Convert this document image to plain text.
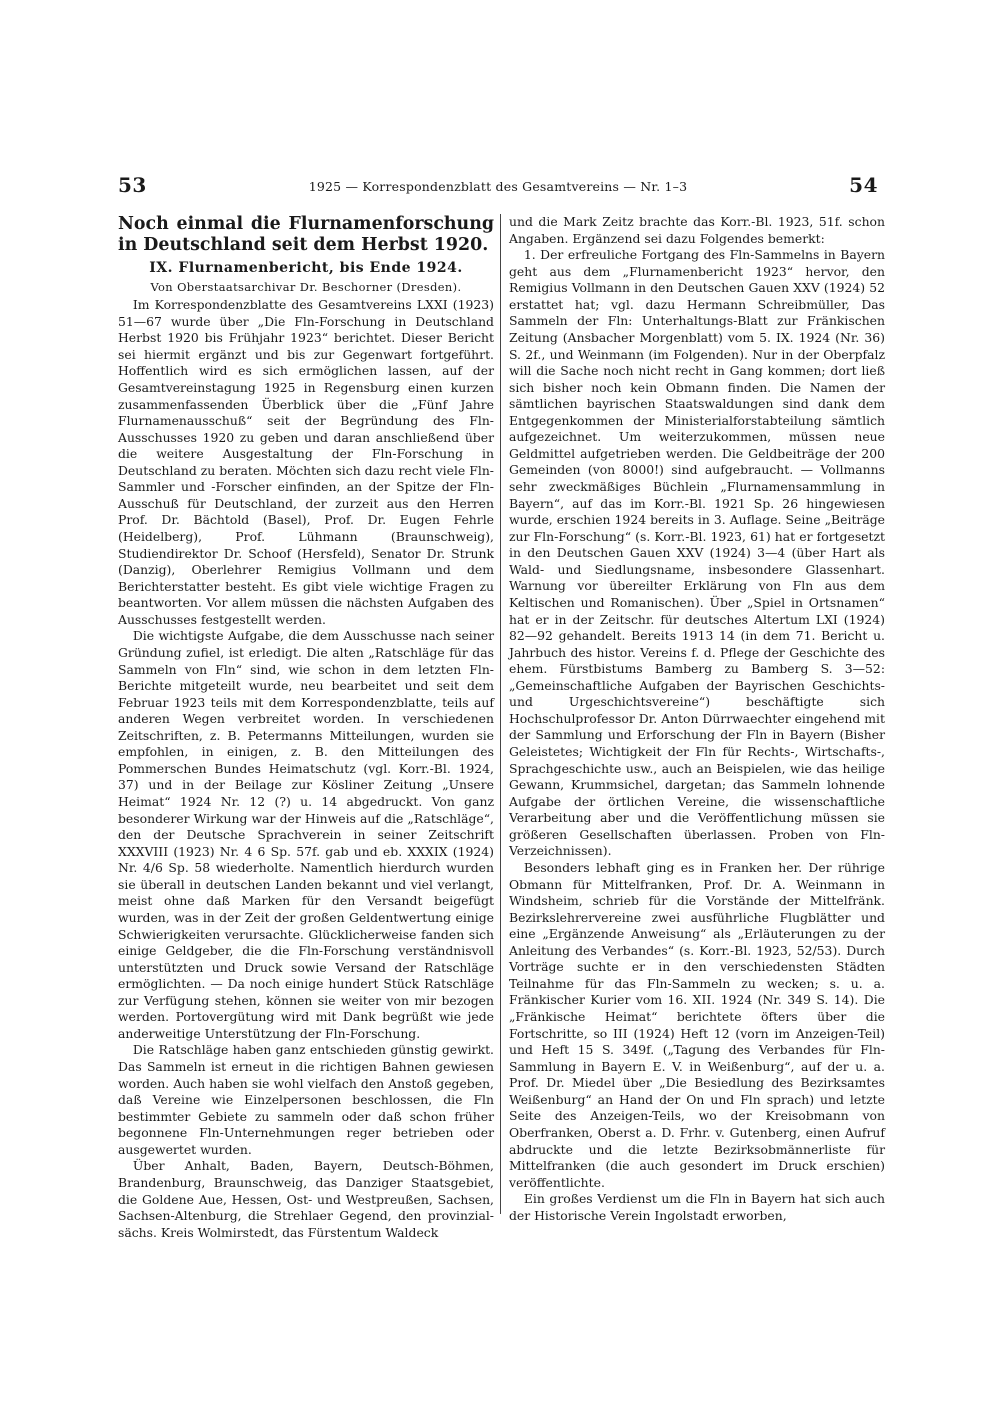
53	1925 — Korrespondenzblatt des Gesamtvereins — Nr. 1–3	54
Noch einmal die Flurnamenforschung in Deutschland seit dem Herbst 1920.
IX. Flurnamenbericht, bis Ende 1924.
Von Oberstaatsarchivar Dr. Beschorner (Dresden).

Im Korrespondenzblatte des Gesamtvereins LXXI (1923) 51—67 wurde über „Die Fln-Forschung in Deutschland Herbst 1920 bis Frühjahr 1923“ berichtet. Dieser Bericht sei hiermit ergänzt und bis zur Gegenwart fortgeführt. Hoffentlich wird es sich ermöglichen lassen, auf der Gesamtvereinstagung 1925 in Regensburg einen kurzen zusammenfassenden Überblick über die „Fünf Jahre Flurnamenausschuß“ seit der Begründung des Fln-Ausschusses 1920 zu geben und daran anschließend über die weitere Ausgestaltung der Fln-Forschung in Deutschland zu beraten. Möchten sich dazu recht viele Fln-Sammler und -Forscher einfinden, an der Spitze der Fln-Ausschuß für Deutschland, der zurzeit aus den Herren Prof. Dr. Bächtold (Basel), Prof. Dr. Eugen Fehrle (Heidelberg), Prof. Lühmann (Braunschweig), Studiendirektor Dr. Schoof (Hersfeld), Senator Dr. Strunk (Danzig), Oberlehrer Remigius Vollmann und dem Berichterstatter besteht. Es gibt viele wichtige Fragen zu beantworten. Vor allem müssen die nächsten Aufgaben des Ausschusses festgestellt werden.

Die wichtigste Aufgabe, die dem Ausschusse nach seiner Gründung zufiel, ist erledigt. Die alten „Ratschläge für das Sammeln von Fln“ sind, wie schon in dem letzten Fln-Berichte mitgeteilt wurde, neu bearbeitet und seit dem Februar 1923 teils mit dem Korrespondenzblatte, teils auf anderen Wegen verbreitet worden. In verschiedenen Zeitschriften, z. B. Petermanns Mitteilungen, wurden sie empfohlen, in einigen, z. B. den Mitteilungen des Pommerschen Bundes Heimatschutz (vgl. Korr.-Bl. 1924, 37) und in der Beilage zur Kösliner Zeitung „Unsere Heimat“ 1924 Nr. 12 (?) u. 14 abgedruckt. Von ganz besonderer Wirkung war der Hinweis auf die „Ratschläge“, den der Deutsche Sprachverein in seiner Zeitschrift XXXVIII (1923) Nr. 4 6 Sp. 57f. gab und eb. XXXIX (1924) Nr. 4/6 Sp. 58 wiederholte. Namentlich hierdurch wurden sie überall in deutschen Landen bekannt und viel verlangt, meist ohne daß Marken für den Versandt beigefügt wurden, was in der Zeit der großen Geldentwertung einige Schwierigkeiten verursachte. Glücklicherweise fanden sich einige Geldgeber, die die Fln-Forschung verständnisvoll unterstützten und Druck sowie Versand der Ratschläge ermöglichten. — Da noch einige hundert Stück Ratschläge zur Verfügung stehen, können sie weiter von mir bezogen werden. Portovergütung wird mit Dank begrüßt wie jede anderweitige Unterstützung der Fln-Forschung.

Die Ratschläge haben ganz entschieden günstig gewirkt. Das Sammeln ist erneut in die richtigen Bahnen gewiesen worden. Auch haben sie wohl vielfach den Anstoß gegeben, daß Vereine wie Einzelpersonen beschlossen, die Fln bestimmter Gebiete zu sammeln oder daß schon früher begonnene Fln-Unternehmungen reger betrieben oder ausgewertet wurden.

Über Anhalt, Baden, Bayern, Deutsch-Böhmen, Brandenburg, Braunschweig, das Danziger Staatsgebiet, die Goldene Aue, Hessen, Ost- und Westpreußen, Sachsen, Sachsen-Altenburg, die Strehlaer Gegend, den provinzial-sächs. Kreis Wolmirstedt, das Fürstentum Waldeck

und die Mark Zeitz brachte das Korr.-Bl. 1923, 51f. schon Angaben. Ergänzend sei dazu Folgendes bemerkt:

1. Der erfreuliche Fortgang des Fln-Sammelns in Bayern geht aus dem „Flurnamenbericht 1923“ hervor, den Remigius Vollmann in den Deutschen Gauen XXV (1924) 52 erstattet hat; vgl. dazu Hermann Schreibmüller, Das Sammeln der Fln: Unterhaltungs-Blatt zur Fränkischen Zeitung (Ansbacher Morgenblatt) vom 5. IX. 1924 (Nr. 36) S. 2f., und Weinmann (im Folgenden). Nur in der Oberpfalz will die Sache noch nicht recht in Gang kommen; dort ließ sich bisher noch kein Obmann finden. Die Namen der sämtlichen bayrischen Staatswaldungen sind dank dem Entgegenkommen der Ministerialforstabteilung sämtlich aufgezeichnet. Um weiterzukommen, müssen neue Geldmittel aufgetrieben werden. Die Geldbeiträge der 200 Gemeinden (von 8000!) sind aufgebraucht. — Vollmanns sehr zweckmäßiges Büchlein „Flurnamensammlung in Bayern“, auf das im Korr.-Bl. 1921 Sp. 26 hingewiesen wurde, erschien 1924 bereits in 3. Auflage. Seine „Beiträge zur Fln-Forschung“ (s. Korr.-Bl. 1923, 61) hat er fortgesetzt in den Deutschen Gauen XXV (1924) 3—4 (über Hart als Wald- und Siedlungsname, insbesondere Glassenhart. Warnung vor übereilter Erklärung von Fln aus dem Keltischen und Romanischen). Über „Spiel in Ortsnamen“ hat er in der Zeitschr. für deutsches Altertum LXI (1924) 82—92 gehandelt. Bereits 1913 14 (in dem 71. Bericht u. Jahrbuch des histor. Vereins f. d. Pflege der Geschichte des ehem. Fürstbistums Bamberg zu Bamberg S. 3—52: „Gemeinschaftliche Aufgaben der Bayrischen Geschichts- und Urgeschichtsvereine“) beschäftigte sich Hochschulprofessor Dr. Anton Dürrwaechter eingehend mit der Sammlung und Erforschung der Fln in Bayern (Bisher Geleistetes; Wichtigkeit der Fln für Rechts-, Wirtschafts-, Sprachgeschichte usw., auch an Beispielen, wie das heilige Gewann, Krummsichel, dargetan; das Sammeln lohnende Aufgabe der örtlichen Vereine, die wissenschaftliche Verarbeitung aber und die Veröffentlichung müssen sie größeren Gesellschaften überlassen. Proben von Fln-Verzeichnissen).

Besonders lebhaft ging es in Franken her. Der rührige Obmann für Mittelfranken, Prof. Dr. A. Weinmann in Windsheim, schrieb für die Vorstände der Mittelfränk. Bezirkslehrervereine zwei ausführliche Flugblätter und eine „Ergänzende Anweisung“ als „Erläuterungen zu der Anleitung des Verbandes“ (s. Korr.-Bl. 1923, 52/53). Durch Vorträge suchte er in den verschiedensten Städten Teilnahme für das Fln-Sammeln zu wecken; s. u. a. Fränkischer Kurier vom 16. XII. 1924 (Nr. 349 S. 14). Die „Fränkische Heimat“ berichtete öfters über die Fortschritte, so III (1924) Heft 12 (vorn im Anzeigen-Teil) und Heft 15 S. 349f. („Tagung des Verbandes für Fln-Sammlung in Bayern E. V. in Weißenburg“, auf der u. a. Prof. Dr. Miedel über „Die Besiedlung des Bezirksamtes Weißenburg“ an Hand der On und Fln sprach) und letzte Seite des Anzeigen-Teils, wo der Kreisobmann von Oberfranken, Oberst a. D. Frhr. v. Gutenberg, einen Aufruf abdruckte und die letzte Bezirksobmännerliste für Mittelfranken (die auch gesondert im Druck erschien) veröffentlichte.

Ein großes Verdienst um die Fln in Bayern hat sich auch der Historische Verein Ingolstadt erworben,
